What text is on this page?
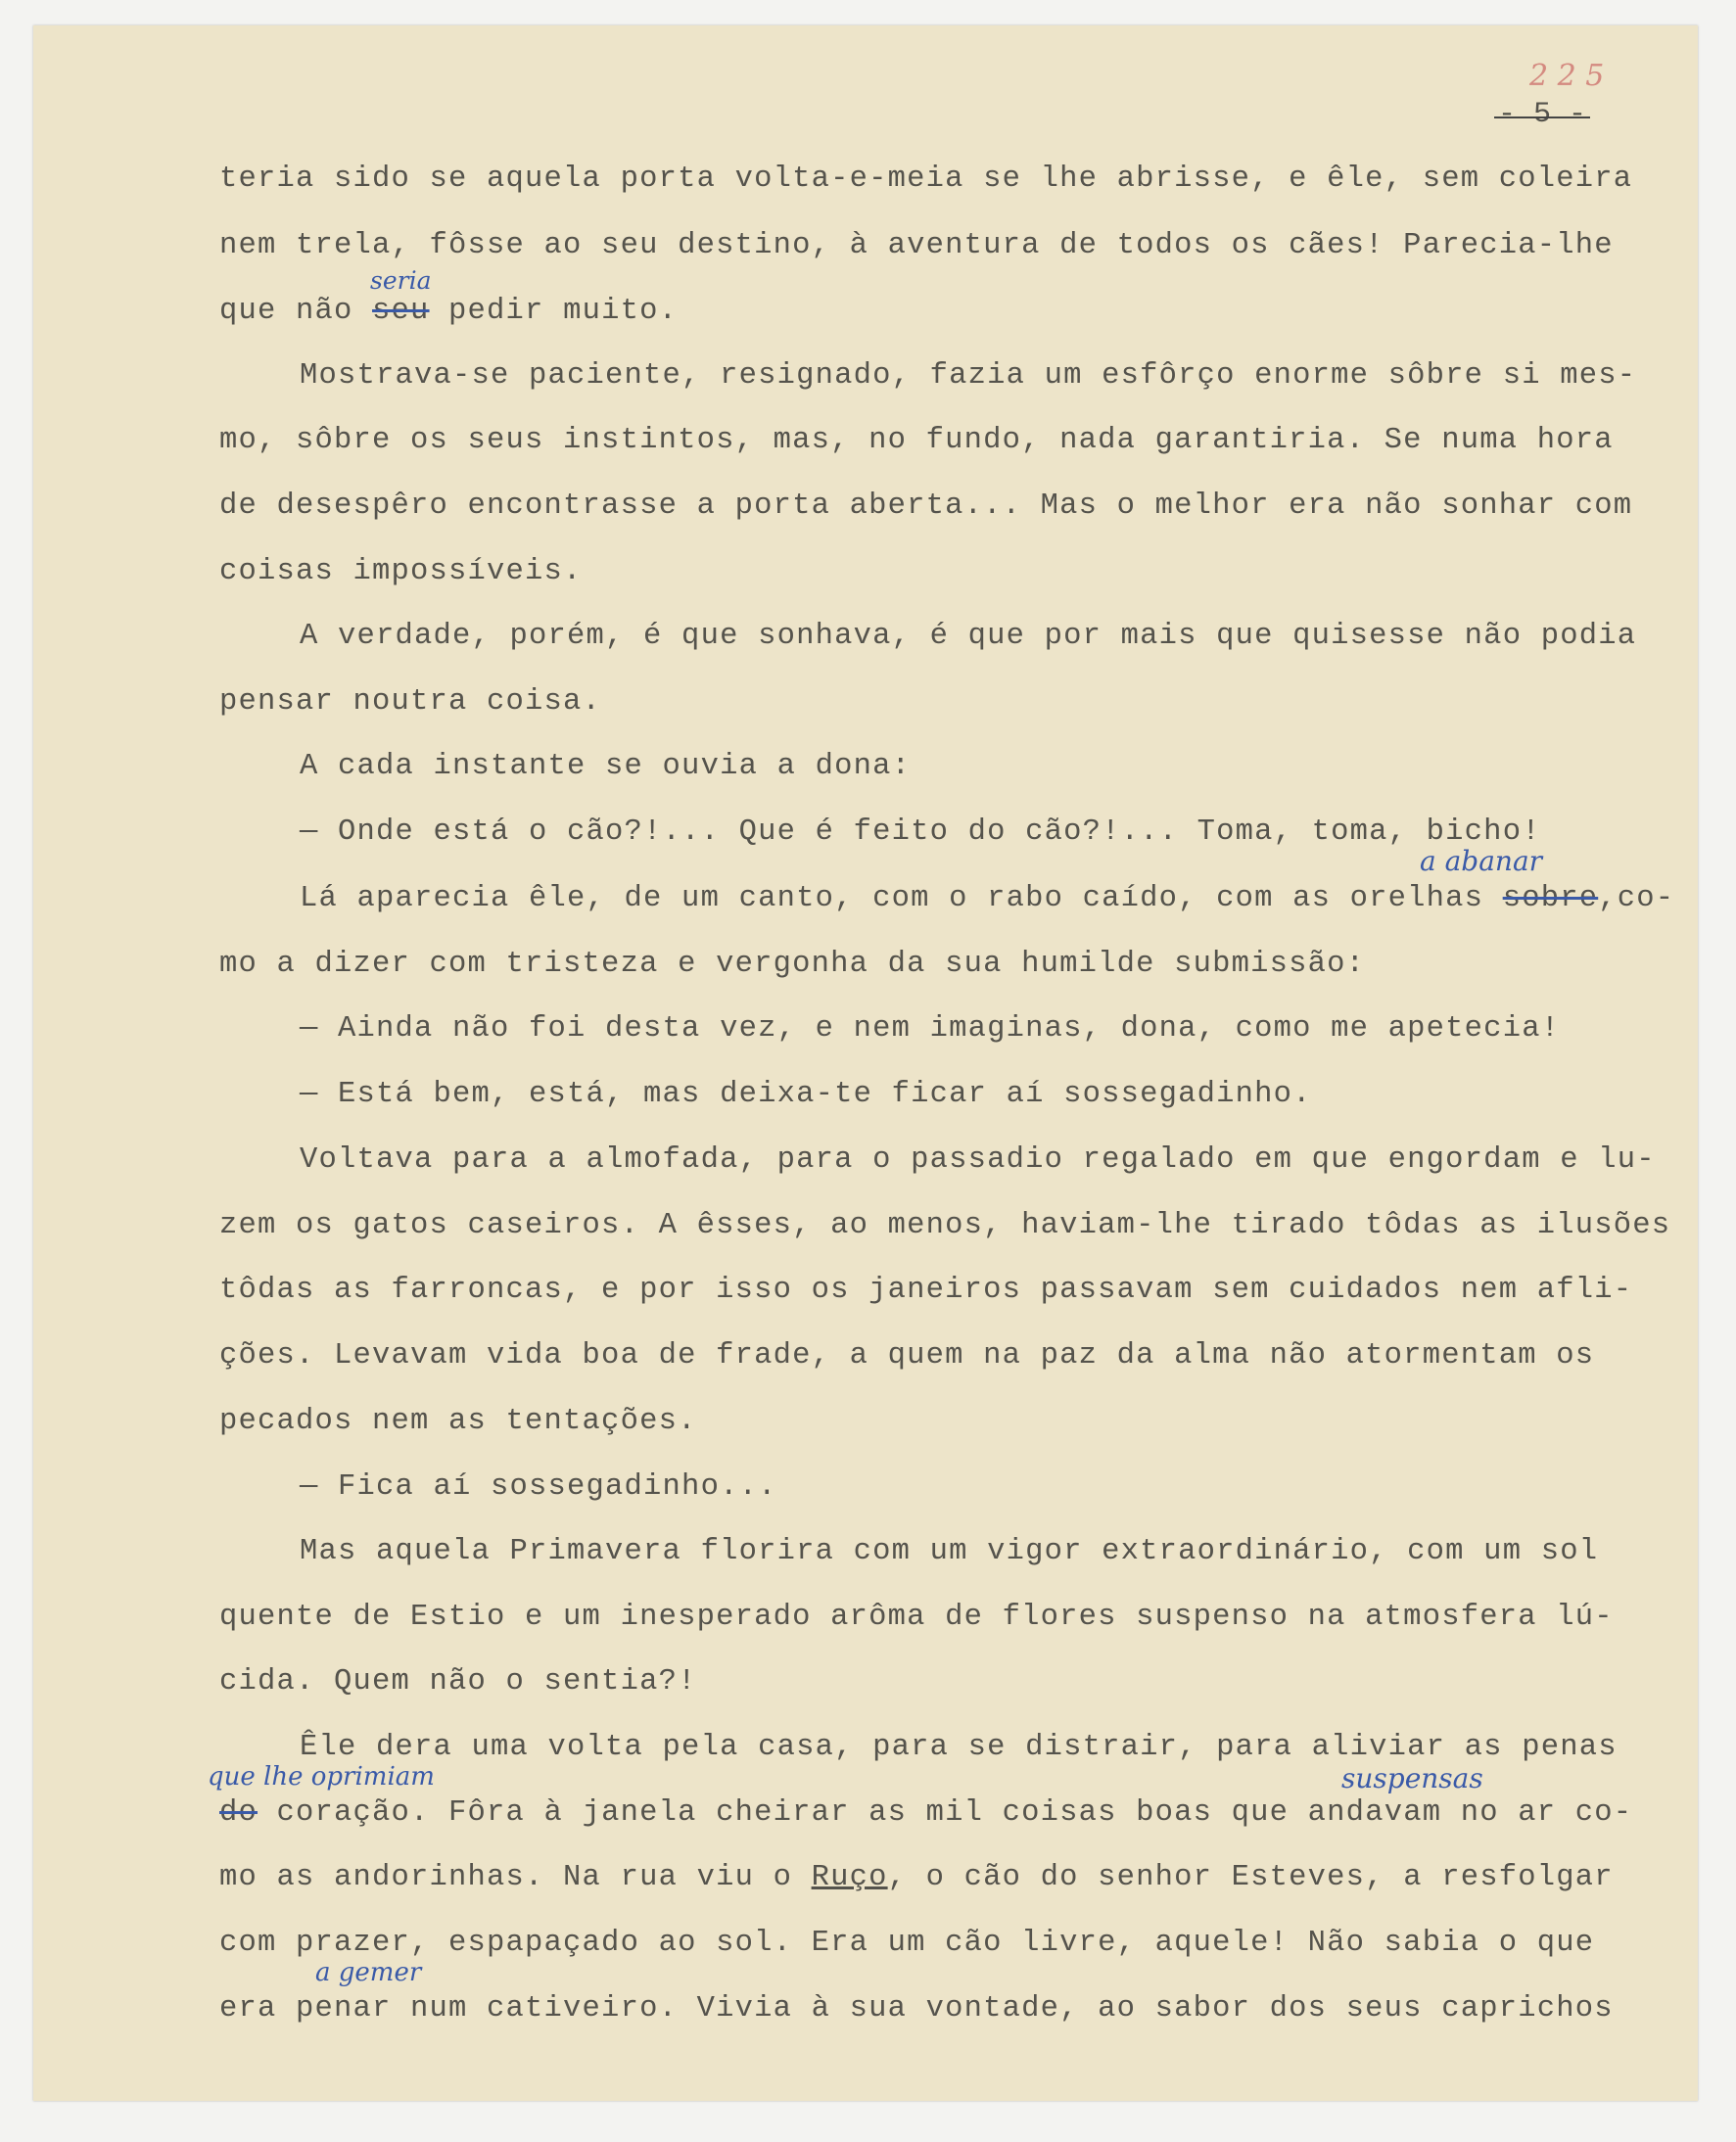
2 2 5
- 5 -
teria sido se aquela porta volta-e-meia se lhe abrisse, e êle, sem coleira
nem trela, fôsse ao seu destino, à aventura de todos os cães! Parecia-lhe
que não seu pedir muito.
seria
Mostrava-se paciente, resignado, fazia um esfôrço enorme sôbre si mes-
mo, sôbre os seus instintos, mas, no fundo, nada garantiria. Se numa hora
de desespêro encontrasse a porta aberta... Mas o melhor era não sonhar com
coisas impossíveis.
A verdade, porém, é que sonhava, é que por mais que quisesse não podia
pensar noutra coisa.
A cada instante se ouvia a dona:
— Onde está o cão?!... Que é feito do cão?!... Toma, toma, bicho!
a abanar
Lá aparecia êle, de um canto, com o rabo caído, com as orelhas sobre,co-
mo a dizer com tristeza e vergonha da sua humilde submissão:
— Ainda não foi desta vez, e nem imaginas, dona, como me apetecia!
— Está bem, está, mas deixa-te ficar aí sossegadinho.
Voltava para a almofada, para o passadio regalado em que engordam e lu-
zem os gatos caseiros. A êsses, ao menos, haviam-lhe tirado tôdas as ilusões
tôdas as farroncas, e por isso os janeiros passavam sem cuidados nem afli-
ções. Levavam vida boa de frade, a quem na paz da alma não atormentam os
pecados nem as tentações.
— Fica aí sossegadinho...
Mas aquela Primavera florira com um vigor extraordinário, com um sol
quente de Estio e um inesperado arôma de flores suspenso na atmosfera lú-
cida. Quem não o sentia?!
Êle dera uma volta pela casa, para se distrair, para aliviar as penas
que lhe oprimiam	suspensas
do coração. Fôra à janela cheirar as mil coisas boas que andavam no ar co-
mo as andorinhas. Na rua viu o Ruço, o cão do senhor Esteves, a resfolgar
com prazer, espapaçado ao sol. Era um cão livre, aquele! Não sabia o que
a gemer
era penar num cativeiro. Vivia à sua vontade, ao sabor dos seus caprichos
